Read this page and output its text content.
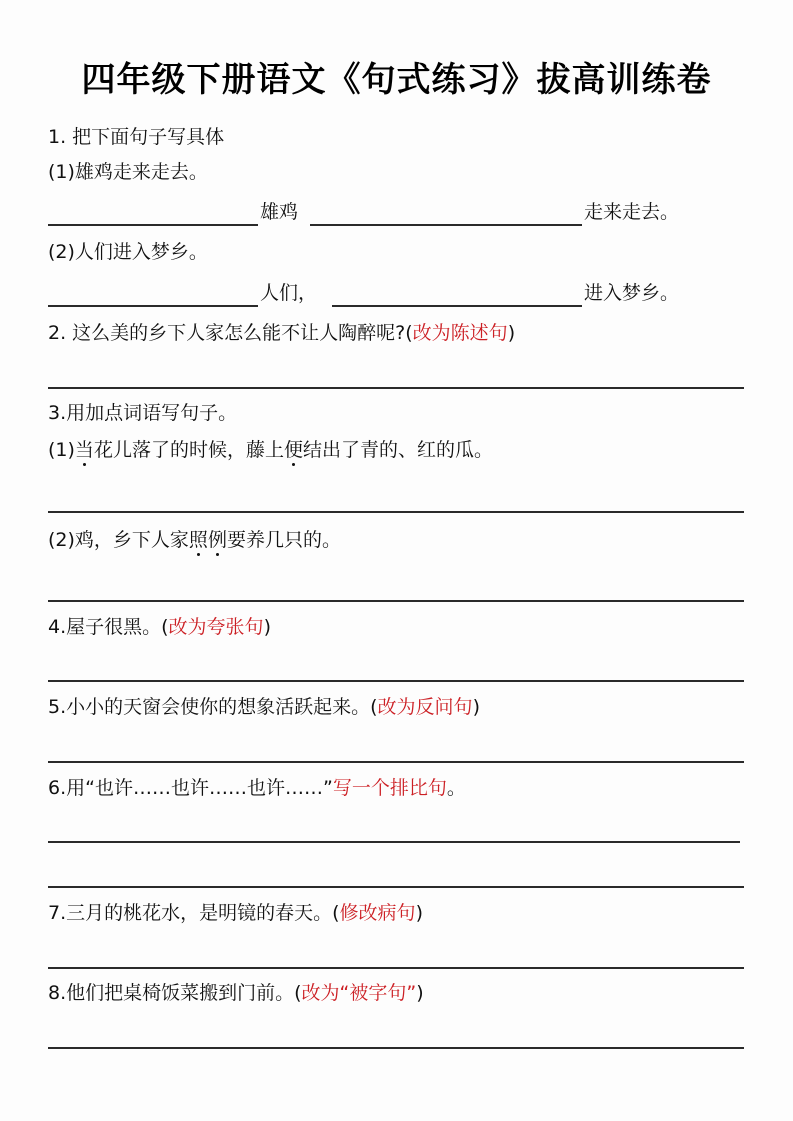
四年级下册语文《句式练习》拔高训练卷
1. 把下面句子写具体
(1)雄鸡走来走去。
雄鸡	走来走去。
(2)人们进入梦乡。
人们，	进入梦乡。
2. 这么美的乡下人家怎么能不让人陶醉呢?(改为陈述句)
3.用加点词语写句子。
(1)当花儿落了的时候，藤上便结出了青的、红的瓜。
(2)鸡，乡下人家照例要养几只的。
4.屋子很黑。(改为夸张句)
5.小小的天窗会使你的想象活跃起来。(改为反问句)
6.用“也许……也许……也许……”写一个排比句。
7.三月的桃花水，是明镜的春天。(修改病句)
8.他们把桌椅饭菜搬到门前。(改为“被字句”)
